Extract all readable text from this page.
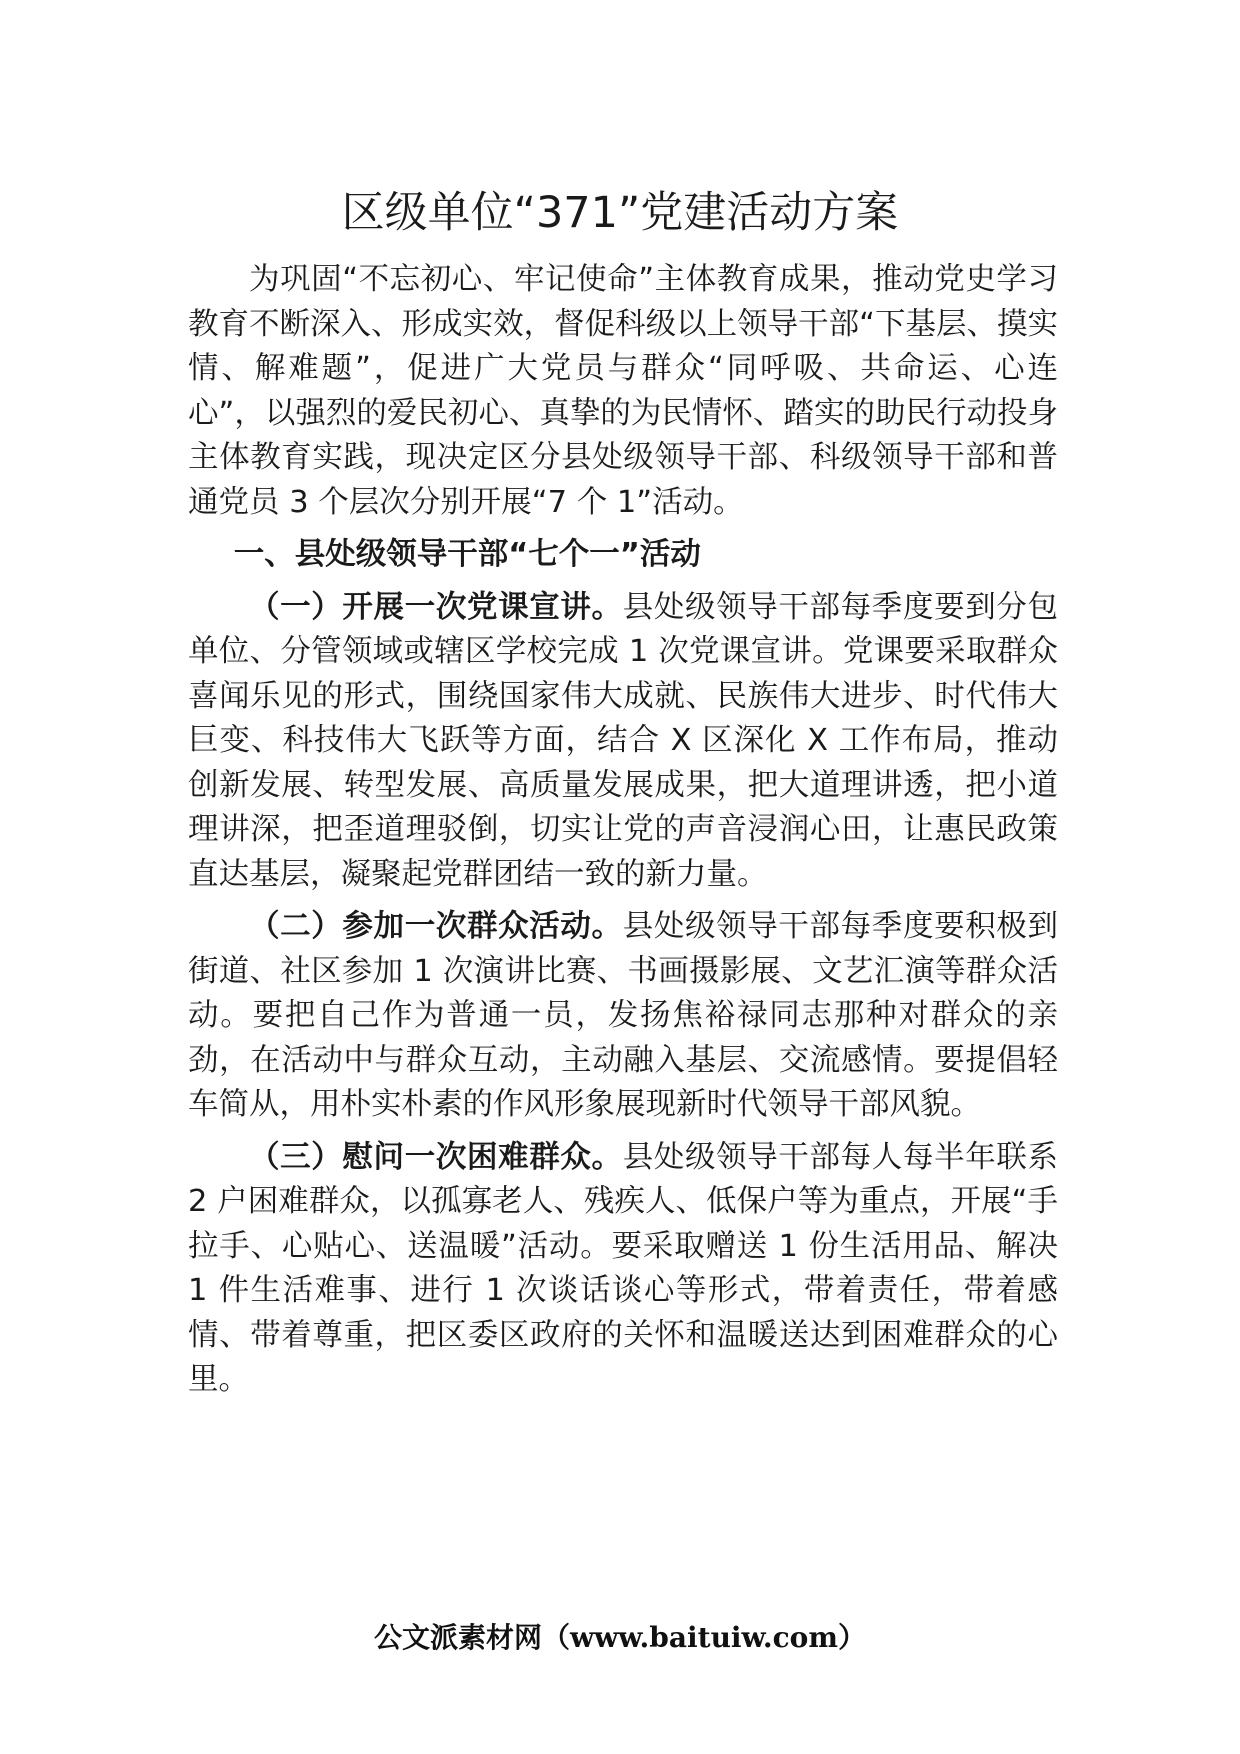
区级单位“371”党建活动方案

为巩固“不忘初心、牢记使命”主体教育成果，推动党史学习教育不断深入、形成实效，督促科级以上领导干部“下基层、摸实情、解难题”，促进广大党员与群众“同呼吸、共命运、心连心”，以强烈的爱民初心、真挚的为民情怀、踏实的助民行动投身主体教育实践，现决定区分县处级领导干部、科级领导干部和普通党员 3 个层次分别开展“7 个 1”活动。

一、县处级领导干部“七个一”活动

（一）开展一次党课宣讲。县处级领导干部每季度要到分包单位、分管领域或辖区学校完成 1 次党课宣讲。党课要采取群众喜闻乐见的形式，围绕国家伟大成就、民族伟大进步、时代伟大巨变、科技伟大飞跃等方面，结合 X 区深化 X 工作布局，推动创新发展、转型发展、高质量发展成果，把大道理讲透，把小道理讲深，把歪道理驳倒，切实让党的声音浸润心田，让惠民政策直达基层，凝聚起党群团结一致的新力量。

（二）参加一次群众活动。县处级领导干部每季度要积极到街道、社区参加 1 次演讲比赛、书画摄影展、文艺汇演等群众活动。要把自己作为普通一员，发扬焦裕禄同志那种对群众的亲劲，在活动中与群众互动，主动融入基层、交流感情。要提倡轻车简从，用朴实朴素的作风形象展现新时代领导干部风貌。

（三）慰问一次困难群众。县处级领导干部每人每半年联系 2 户困难群众，以孤寡老人、残疾人、低保户等为重点，开展“手拉手、心贴心、送温暖”活动。要采取赠送 1 份生活用品、解决 1 件生活难事、进行 1 次谈话谈心等形式，带着责任，带着感情、带着尊重，把区委区政府的关怀和温暖送达到困难群众的心里。

公文派素材网（www.baituiw.com）
